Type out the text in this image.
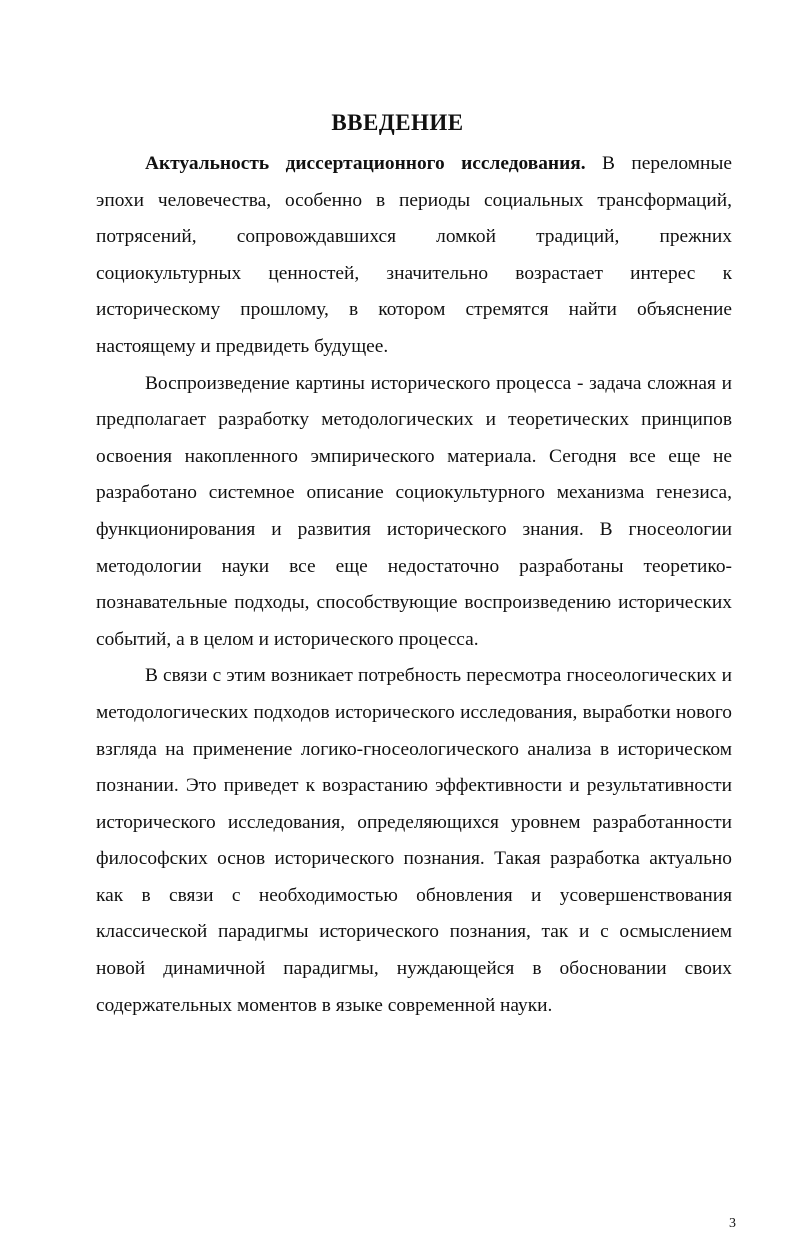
ВВЕДЕНИЕ

Актуальность диссертационного исследования. В переломные эпохи человечества, особенно в периоды социальных трансформаций, потрясений, сопровождавшихся ломкой традиций, прежних социокультурных ценностей, значительно возрастает интерес к историческому прошлому, в котором стремятся найти объяснение настоящему и предвидеть будущее.

Воспроизведение картины исторического процесса - задача сложная и предполагает разработку методологических и теоретических принципов освоения накопленного эмпирического материала. Сегодня все еще не разработано системное описание социокультурного механизма генезиса, функционирования и развития исторического знания. В гносеологии методологии науки все еще недостаточно разработаны теоретико-познавательные подходы, способствующие воспроизведению исторических событий, а в целом и исторического процесса.

В связи с этим возникает потребность пересмотра гносеологических и методологических подходов исторического исследования, выработки нового взгляда на применение логико-гносеологического анализа в историческом познании. Это приведет к возрастанию эффективности и результативности исторического исследования, определяющихся уровнем разработанности философских основ исторического познания. Такая разработка актуально как в связи с необходимостью обновления и усовершенствования классической парадигмы исторического познания, так и с осмыслением новой динамичной парадигмы, нуждающейся в обосновании своих содержательных моментов в языке современной науки.

3
